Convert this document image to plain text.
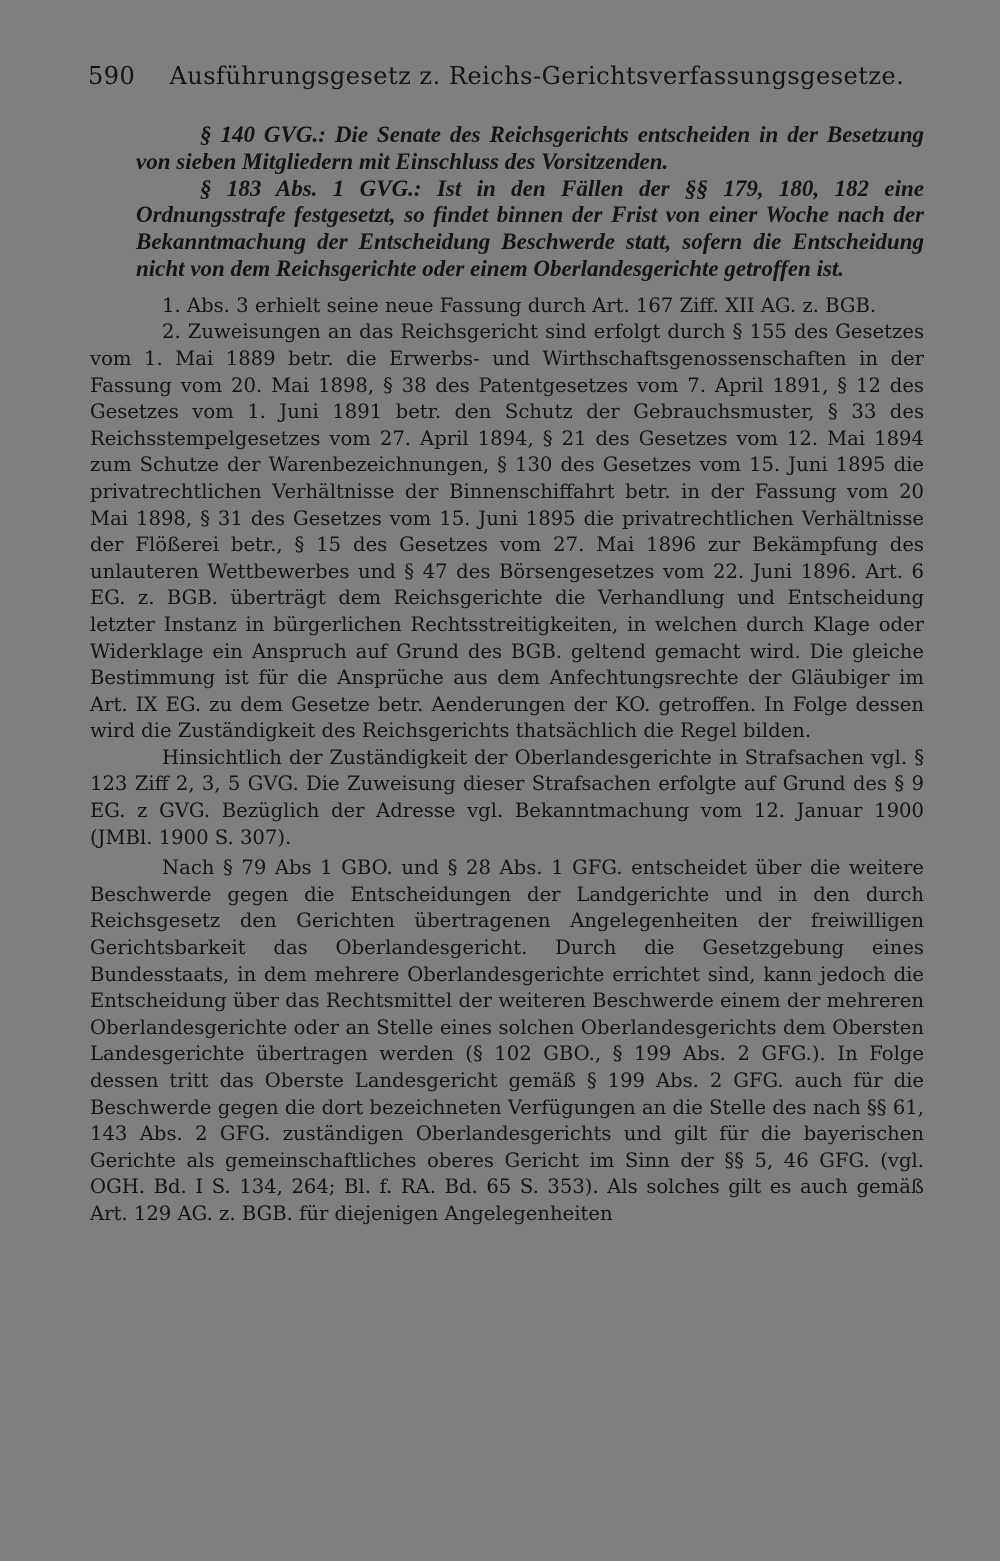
590 Ausführungsgesetz z. Reichs-Gerichtsverfassungsgesetze.

§ 140 GVG.: Die Senate des Reichsgerichts entscheiden in der Besetzung von sieben Mitgliedern mit Einschluss des Vorsitzenden.

§ 183 Abs. 1 GVG.: Ist in den Fällen der §§ 179, 180, 182 eine Ordnungsstrafe festgesetzt, so findet binnen der Frist von einer Woche nach der Bekanntmachung der Entscheidung Beschwerde statt, sofern die Entscheidung nicht von dem Reichsgerichte oder einem Oberlandesgerichte getroffen ist.

1. Abs. 3 erhielt seine neue Fassung durch Art. 167 Ziff. XII AG. z. BGB.

2. Zuweisungen an das Reichsgericht sind erfolgt durch § 155 des Gesetzes vom 1. Mai 1889 betr. die Erwerbs- und Wirthschaftsgenossenschaften in der Fassung vom 20. Mai 1898, § 38 des Patentgesetzes vom 7. April 1891, § 12 des Gesetzes vom 1. Juni 1891 betr. den Schutz der Gebrauchsmuster, § 33 des Reichsstempelgesetzes vom 27. April 1894, § 21 des Gesetzes vom 12. Mai 1894 zum Schutze der Warenbezeichnungen, § 130 des Gesetzes vom 15. Juni 1895 die privatrechtlichen Verhältnisse der Binnenschiffahrt betr. in der Fassung vom 20 Mai 1898, § 31 des Gesetzes vom 15. Juni 1895 die privatrechtlichen Verhältnisse der Flößerei betr., § 15 des Gesetzes vom 27. Mai 1896 zur Bekämpfung des unlauteren Wettbewerbes und § 47 des Börsengesetzes vom 22. Juni 1896. Art. 6 EG. z. BGB. überträgt dem Reichsgerichte die Verhandlung und Entscheidung letzter Instanz in bürgerlichen Rechtsstreitigkeiten, in welchen durch Klage oder Widerklage ein Anspruch auf Grund des BGB. geltend gemacht wird. Die gleiche Bestimmung ist für die Ansprüche aus dem Anfechtungsrechte der Gläubiger im Art. IX EG. zu dem Gesetze betr. Aenderungen der KO. getroffen. In Folge dessen wird die Zuständigkeit des Reichsgerichts thatsächlich die Regel bilden.

Hinsichtlich der Zuständigkeit der Oberlandesgerichte in Strafsachen vgl. § 123 Ziff 2, 3, 5 GVG. Die Zuweisung dieser Strafsachen erfolgte auf Grund des § 9 EG. z GVG. Bezüglich der Adresse vgl. Bekanntmachung vom 12. Januar 1900 (JMBl. 1900 S. 307).

Nach § 79 Abs 1 GBO. und § 28 Abs. 1 GFG. entscheidet über die weitere Beschwerde gegen die Entscheidungen der Landgerichte und in den durch Reichsgesetz den Gerichten übertragenen Angelegenheiten der freiwilligen Gerichtsbarkeit das Oberlandesgericht. Durch die Gesetzgebung eines Bundesstaats, in dem mehrere Oberlandesgerichte errichtet sind, kann jedoch die Entscheidung über das Rechtsmittel der weiteren Beschwerde einem der mehreren Oberlandesgerichte oder an Stelle eines solchen Oberlandesgerichts dem Obersten Landesgerichte übertragen werden (§ 102 GBO., § 199 Abs. 2 GFG.). In Folge dessen tritt das Oberste Landesgericht gemäß § 199 Abs. 2 GFG. auch für die Beschwerde gegen die dort bezeichneten Verfügungen an die Stelle des nach §§ 61, 143 Abs. 2 GFG. zuständigen Oberlandesgerichts und gilt für die bayerischen Gerichte als gemeinschaftliches oberes Gericht im Sinn der §§ 5, 46 GFG. (vgl. OGH. Bd. I S. 134, 264; Bl. f. RA. Bd. 65 S. 353). Als solches gilt es auch gemäß Art. 129 AG. z. BGB. für diejenigen Angelegenheiten
